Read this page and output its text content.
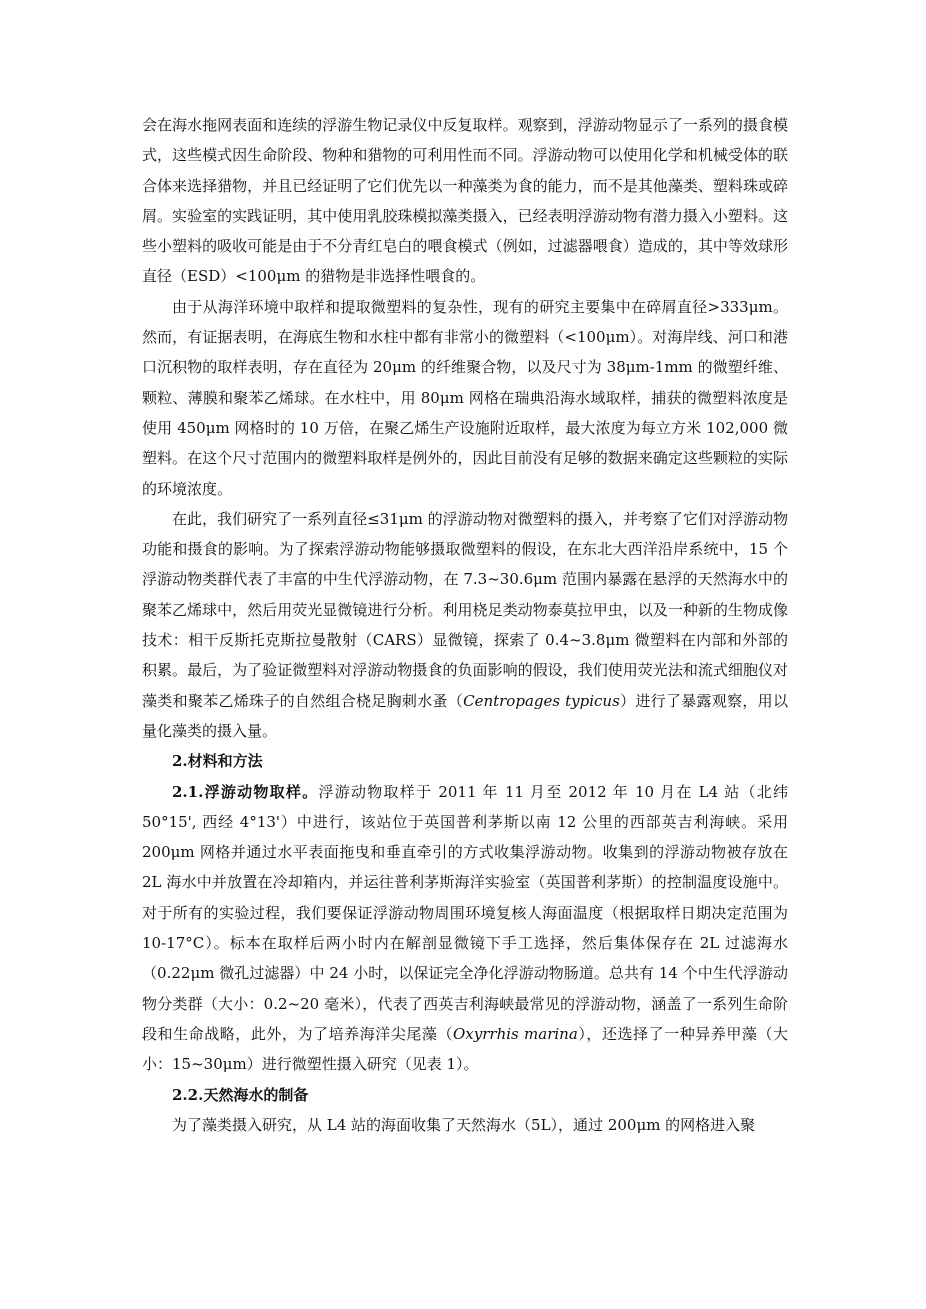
会在海水拖网表面和连续的浮游生物记录仪中反复取样。观察到，浮游动物显示了一系列的摄食模式，这些模式因生命阶段、物种和猎物的可利用性而不同。浮游动物可以使用化学和机械受体的联合体来选择猎物，并且已经证明了它们优先以一种藻类为食的能力，而不是其他藻类、塑料珠或碎屑。实验室的实践证明，其中使用乳胶珠模拟藻类摄入，已经表明浮游动物有潜力摄入小塑料。这些小塑料的吸收可能是由于不分青红皂白的喂食模式（例如，过滤器喂食）造成的，其中等效球形直径（ESD）<100μm 的猎物是非选择性喂食的。

由于从海洋环境中取样和提取微塑料的复杂性，现有的研究主要集中在碎屑直径>333μm。然而，有证据表明，在海底生物和水柱中都有非常小的微塑料（<100μm）。对海岸线、河口和港口沉积物的取样表明，存在直径为 20μm 的纤维聚合物，以及尺寸为 38μm-1mm 的微塑纤维、颗粒、薄膜和聚苯乙烯球。在水柱中，用 80μm 网格在瑞典沿海水域取样，捕获的微塑料浓度是使用 450μm 网格时的 10 万倍，在聚乙烯生产设施附近取样，最大浓度为每立方米 102,000 微塑料。在这个尺寸范围内的微塑料取样是例外的，因此目前没有足够的数据来确定这些颗粒的实际的环境浓度。

在此，我们研究了一系列直径≤31μm 的浮游动物对微塑料的摄入，并考察了它们对浮游动物功能和摄食的影响。为了探索浮游动物能够摄取微塑料的假设，在东北大西洋沿岸系统中，15 个浮游动物类群代表了丰富的中生代浮游动物，在 7.3~30.6μm 范围内暴露在悬浮的天然海水中的聚苯乙烯球中，然后用荧光显微镜进行分析。利用桡足类动物泰莫拉甲虫，以及一种新的生物成像技术：相干反斯托克斯拉曼散射（CARS）显微镜，探索了 0.4~3.8μm 微塑料在内部和外部的积累。最后，为了验证微塑料对浮游动物摄食的负面影响的假设，我们使用荧光法和流式细胞仪对藻类和聚苯乙烯珠子的自然组合桡足胸刺水蚤（Centropages typicus）进行了暴露观察，用以量化藻类的摄入量。

2.材料和方法

2.1.浮游动物取样。浮游动物取样于 2011 年 11 月至 2012 年 10 月在 L4 站（北纬 50°15', 西经 4°13'）中进行，该站位于英国普利茅斯以南 12 公里的西部英吉利海峡。采用 200μm 网格并通过水平表面拖曳和垂直牵引的方式收集浮游动物。收集到的浮游动物被存放在 2L 海水中并放置在冷却箱内，并运往普利茅斯海洋实验室（英国普利茅斯）的控制温度设施中。对于所有的实验过程，我们要保证浮游动物周围环境复核人海面温度（根据取样日期决定范围为 10-17°C）。标本在取样后两小时内在解剖显微镜下手工选择，然后集体保存在 2L 过滤海水（0.22μm 微孔过滤器）中 24 小时，以保证完全净化浮游动物肠道。总共有 14 个中生代浮游动物分类群（大小：0.2~20 毫米），代表了西英吉利海峡最常见的浮游动物，涵盖了一系列生命阶段和生命战略，此外，为了培养海洋尖尾藻（Oxyrrhis marina），还选择了一种异养甲藻（大小：15~30μm）进行微塑性摄入研究（见表 1）。

2.2.天然海水的制备

为了藻类摄入研究，从 L4 站的海面收集了天然海水（5L），通过 200μm 的网格进入聚
